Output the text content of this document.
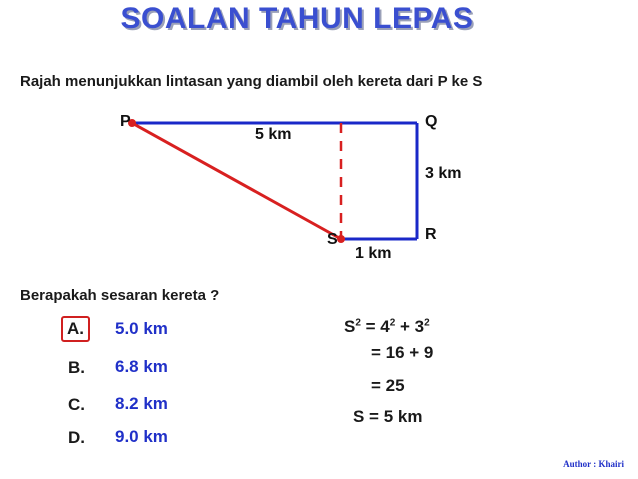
SOALAN TAHUN LEPAS
Rajah menunjukkan lintasan yang diambil oleh kereta dari P ke S
P	Q
R
S
5 km
3 km
1 km
Berapakah sesaran kereta ?
A.	5.0 km
B. 6.8 km
C. 8.2 km
D. 9.0 km
$S^2 = 4^2 + 3^2$
= 16 + 9
= 25
S = 5 km
Author : Khairi
